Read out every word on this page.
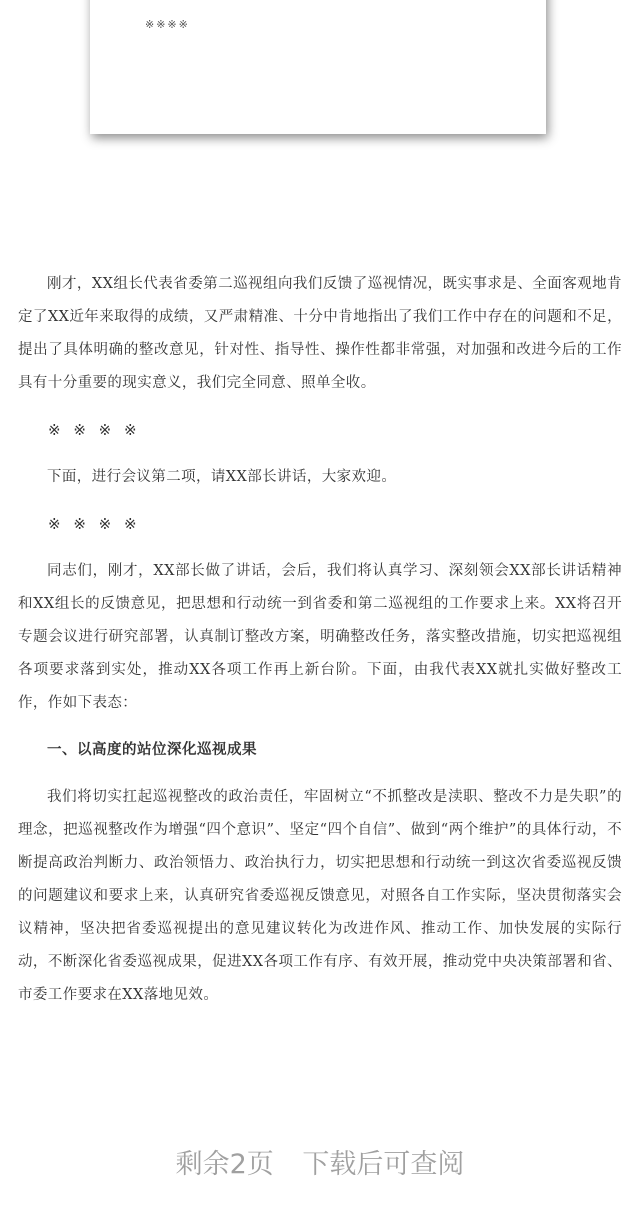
※※※※

刚才，XX组长代表省委第二巡视组向我们反馈了巡视情况，既实事求是、全面客观地肯定了XX近年来取得的成绩，又严肃精准、十分中肯地指出了我们工作中存在的问题和不足，提出了具体明确的整改意见，针对性、指导性、操作性都非常强，对加强和改进今后的工作具有十分重要的现实意义，我们完全同意、照单全收。

※ ※ ※ ※

下面，进行会议第二项，请XX部长讲话，大家欢迎。

※ ※ ※ ※

同志们，刚才，XX部长做了讲话，会后，我们将认真学习、深刻领会XX部长讲话精神和XX组长的反馈意见，把思想和行动统一到省委和第二巡视组的工作要求上来。XX将召开专题会议进行研究部署，认真制订整改方案，明确整改任务，落实整改措施，切实把巡视组各项要求落到实处，推动XX各项工作再上新台阶。下面，由我代表XX就扎实做好整改工作，作如下表态：

一、以高度的站位深化巡视成果

我们将切实扛起巡视整改的政治责任，牢固树立“不抓整改是渎职、整改不力是失职”的理念，把巡视整改作为增强“四个意识”、坚定“四个自信”、做到“两个维护”的具体行动，不断提高政治判断力、政治领悟力、政治执行力，切实把思想和行动统一到这次省委巡视反馈的问题建议和要求上来，认真研究省委巡视反馈意见，对照各自工作实际，坚决贯彻落实会议精神，坚决把省委巡视提出的意见建议转化为改进作风、推动工作、加快发展的实际行动，不断深化省委巡视成果，促进XX各项工作有序、有效开展，推动党中央决策部署和省、市委工作要求在XX落地见效。

剩余2页 下载后可查阅
